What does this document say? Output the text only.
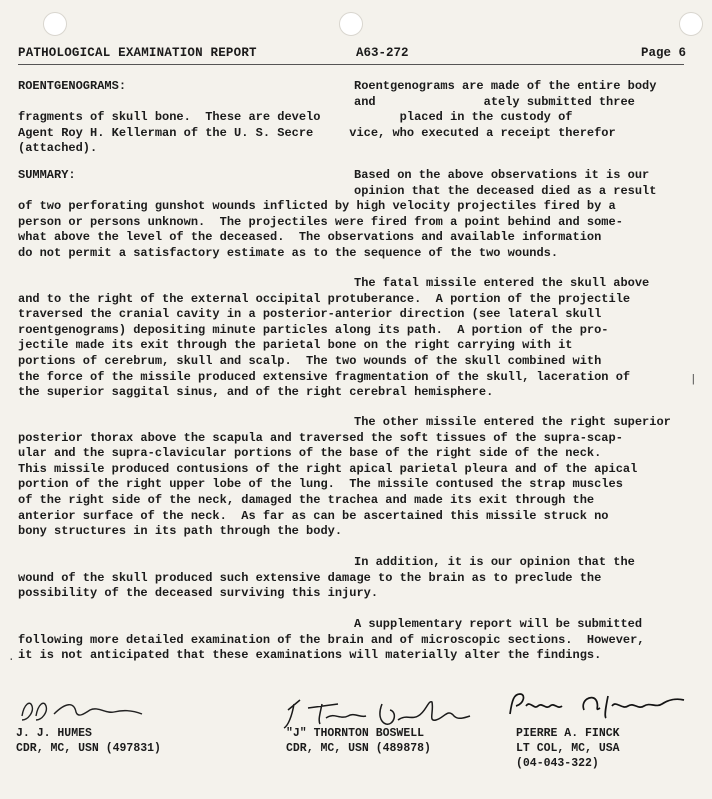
PATHOLOGICAL EXAMINATION REPORT	A63-272	Page 6
ROENTGENOGRAMS:	Roentgenograms are made of the entire body
and               ately submitted three
fragments of skull bone.  These are develo           placed in the custody of
Agent Roy H. Kellerman of the U. S. Secre     vice, who executed a receipt therefor
(attached).
SUMMARY:	Based on the above observations it is our
opinion that the deceased died as a result
of two perforating gunshot wounds inflicted by high velocity projectiles fired by a
person or persons unknown.  The projectiles were fired from a point behind and some-
what above the level of the deceased.  The observations and available information
do not permit a satisfactory estimate as to the sequence of the two wounds.
The fatal missile entered the skull above
and to the right of the external occipital protuberance.  A portion of the projectile
traversed the cranial cavity in a posterior-anterior direction (see lateral skull
roentgenograms) depositing minute particles along its path.  A portion of the pro-
jectile made its exit through the parietal bone on the right carrying with it
portions of cerebrum, skull and scalp.  The two wounds of the skull combined with
the force of the missile produced extensive fragmentation of the skull, laceration of
the superior saggital sinus, and of the right cerebral hemisphere.
The other missile entered the right superior
posterior thorax above the scapula and traversed the soft tissues of the supra-scap-
ular and the supra-clavicular portions of the base of the right side of the neck.
This missile produced contusions of the right apical parietal pleura and of the apical
portion of the right upper lobe of the lung.  The missile contused the strap muscles
of the right side of the neck, damaged the trachea and made its exit through the
anterior surface of the neck.  As far as can be ascertained this missile struck no
bony structures in its path through the body.
In addition, it is our opinion that the
wound of the skull produced such extensive damage to the brain as to preclude the
possibility of the deceased surviving this injury.
A supplementary report will be submitted
following more detailed examination of the brain and of microscopic sections.  However,
it is not anticipated that these examinations will materially alter the findings.
|
.
J. J. HUMES
CDR, MC, USN (497831)
"J" THORNTON BOSWELL
CDR, MC, USN (489878)
PIERRE A. FINCK
LT COL, MC, USA
(04-043-322)
